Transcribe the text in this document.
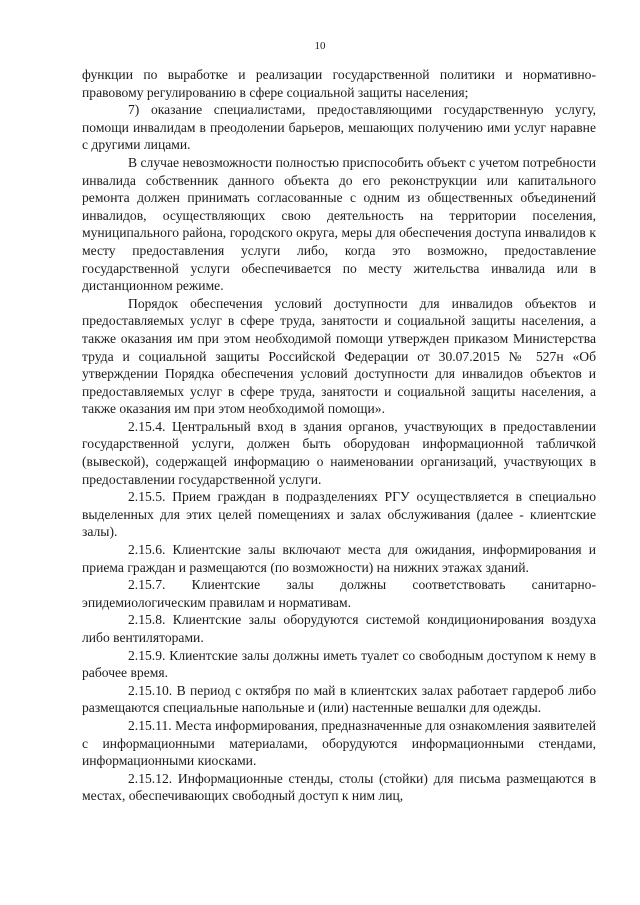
10

функции по выработке и реализации государственной политики и нормативно-правовому регулированию в сфере социальной защиты населения;

7) оказание специалистами, предоставляющими государственную услугу, помощи инвалидам в преодолении барьеров, мешающих получению ими услуг наравне с другими лицами.

В случае невозможности полностью приспособить объект с учетом потребности инвалида собственник данного объекта до его реконструкции или капитального ремонта должен принимать согласованные с одним из общественных объединений инвалидов, осуществляющих свою деятельность на территории поселения, муниципального района, городского округа, меры для обеспечения доступа инвалидов к месту предоставления услуги либо, когда это возможно, предоставление государственной услуги обеспечивается по месту жительства инвалида или в дистанционном режиме.

Порядок обеспечения условий доступности для инвалидов объектов и предоставляемых услуг в сфере труда, занятости и социальной защиты населения, а также оказания им при этом необходимой помощи утвержден приказом Министерства труда и социальной защиты Российской Федерации от 30.07.2015 № 527н «Об утверждении Порядка обеспечения условий доступности для инвалидов объектов и предоставляемых услуг в сфере труда, занятости и социальной защиты населения, а также оказания им при этом необходимой помощи».

2.15.4. Центральный вход в здания органов, участвующих в предоставлении государственной услуги, должен быть оборудован информационной табличкой (вывеской), содержащей информацию о наименовании организаций, участвующих в предоставлении государственной услуги.

2.15.5. Прием граждан в подразделениях РГУ осуществляется в специально выделенных для этих целей помещениях и залах обслуживания (далее - клиентские залы).

2.15.6. Клиентские залы включают места для ожидания, информирования и приема граждан и размещаются (по возможности) на нижних этажах зданий.

2.15.7. Клиентские залы должны соответствовать санитарно-эпидемиологическим правилам и нормативам.

2.15.8. Клиентские залы оборудуются системой кондиционирования воздуха либо вентиляторами.

2.15.9. Клиентские залы должны иметь туалет со свободным доступом к нему в рабочее время.

2.15.10. В период с октября по май в клиентских залах работает гардероб либо размещаются специальные напольные и (или) настенные вешалки для одежды.

2.15.11. Места информирования, предназначенные для ознакомления заявителей с информационными материалами, оборудуются информационными стендами, информационными киосками.

2.15.12. Информационные стенды, столы (стойки) для письма размещаются в местах, обеспечивающих свободный доступ к ним лиц,
